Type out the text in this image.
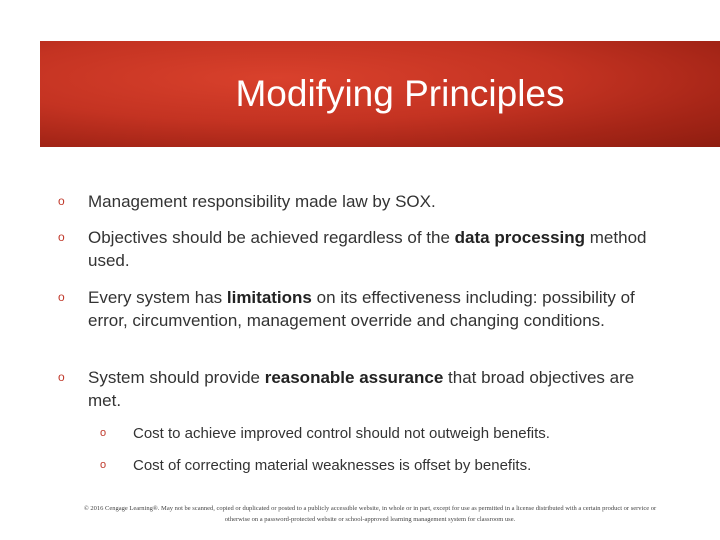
Modifying Principles
o Management responsibility made law by SOX.
o Objectives should be achieved regardless of the data processing method used.
o Every system has limitations on its effectiveness including: possibility of error, circumvention, management override and changing conditions.
o System should provide reasonable assurance that broad objectives are met.
o Cost to achieve improved control should not outweigh benefits.
o Cost of correcting material weaknesses is offset by benefits.
© 2016 Cengage Learning®. May not be scanned, copied or duplicated or posted to a publicly accessible website, in whole or in part, except for use as permitted in a license distributed with a certain product or service or otherwise on a password-protected website or school-approved learning management system for classroom use.
